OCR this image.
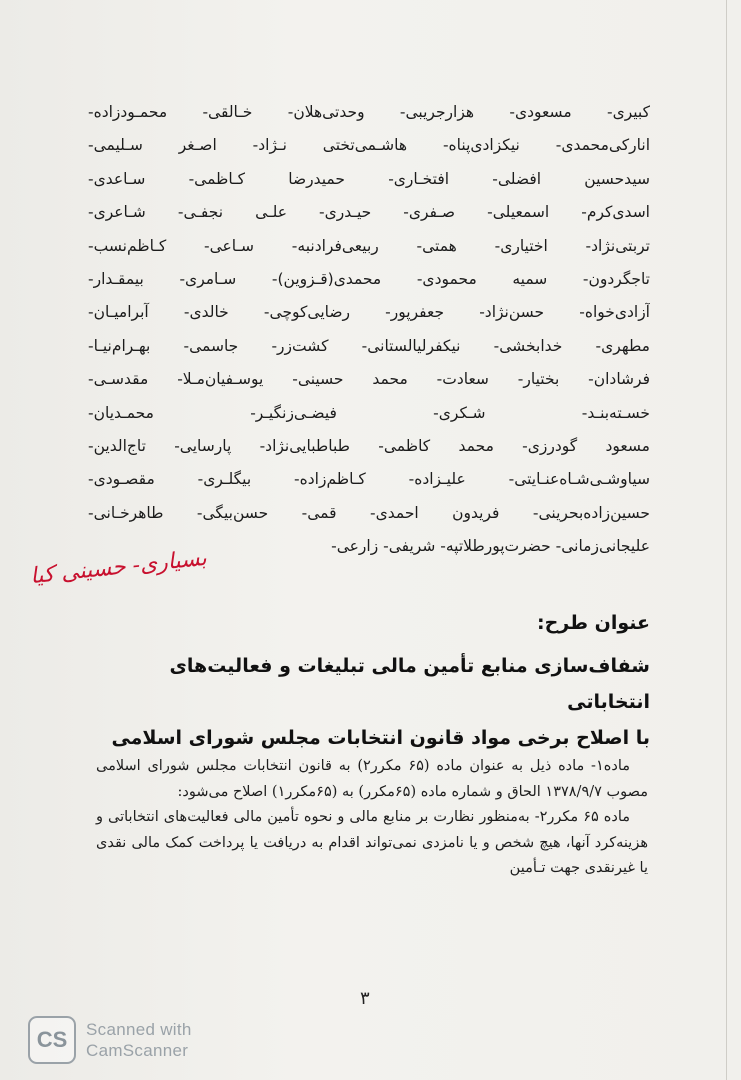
کبیری- مسعودی- هزارجریبی- وحدتی‌هلان- خـالقی- محمـودزاده-
انارکی‌محمدی- نیکزادی‌پناه- هاشـمی‌تختی نـژاد- اصـغر سـلیمی-
سیدحسین افضلی- افتخـاری- حمیدرضا کـاظمی- سـاعدی-
اسدی‌کرم- اسمعیلی- صـفری- حیـدری- علـی نجفـی- شـاعری-
تربتی‌نژاد- اختیاری- همتی- ربیعی‌فرادنبه- سـاعی- کـاظم‌نسب-
تاجگردون- سمیه محمودی- محمدی(قـزوین)- سـامری- بیمقـدار-
آزادی‌خواه- حسن‌نژاد- جعفرپور- رضایی‌کوچی- خالدی- آبرامیـان-
مطهری- خدابخشی- نیکفرلیالستانی- کشت‌زر- جاسمی- بهـرام‌نیـا-
فرشادان- بختیار- سعادت- محمد حسینی- یوسـفیان‌مـلا- مقدسـی-
خسـته‌بنـد- شـکری- فیضـی‌زنگیـر- محمـدیان-
مسعود گودرزی- محمد کاظمی- طباطبایی‌نژاد- پارسایی- تاج‌الدین-
سیاوشـی‌شـاه‌عنـایتی- علیـزاده- کـاظم‌زاده- بیگلـری- مقصـودی-
حسین‌زاده‌بحرینی- فریدون احمدی- قمی- حسن‌بیگی- طاهرخـانی-
علیجانی‌زمانی- حضرت‌پورطلاتپه- شریفی- زارعی-
بسیاری- حسینی کیا
عنوان طرح:
شفاف‌سازی منابع تأمین مالی تبلیغات و فعالیت‌های انتخاباتی
با اصلاح برخی مواد قانون انتخابات مجلس شورای اسلامی

ماده۱- ماده ذیل به عنوان ماده (۶۵ مکرر۲) به قانون انتخابات مجلس شورای اسلامی مصوب ۱۳۷۸/۹/۷ الحاق و شماره ماده (۶۵مکرر) به (۶۵مکرر۱) اصلاح می‌شود:

ماده ۶۵ مکرر۲- به‌منظور نظارت بر منابع مالی و نحوه تأمین مالی فعالیت‌های انتخاباتی و هزینه‌کرد آنها، هیچ شخص و یا نامزدی نمی‌تواند اقدام به دریافت یا پرداخت کمک مالی نقدی یا غیرنقدی جهت تـأمین

۳
CS	Scanned with
CamScanner
